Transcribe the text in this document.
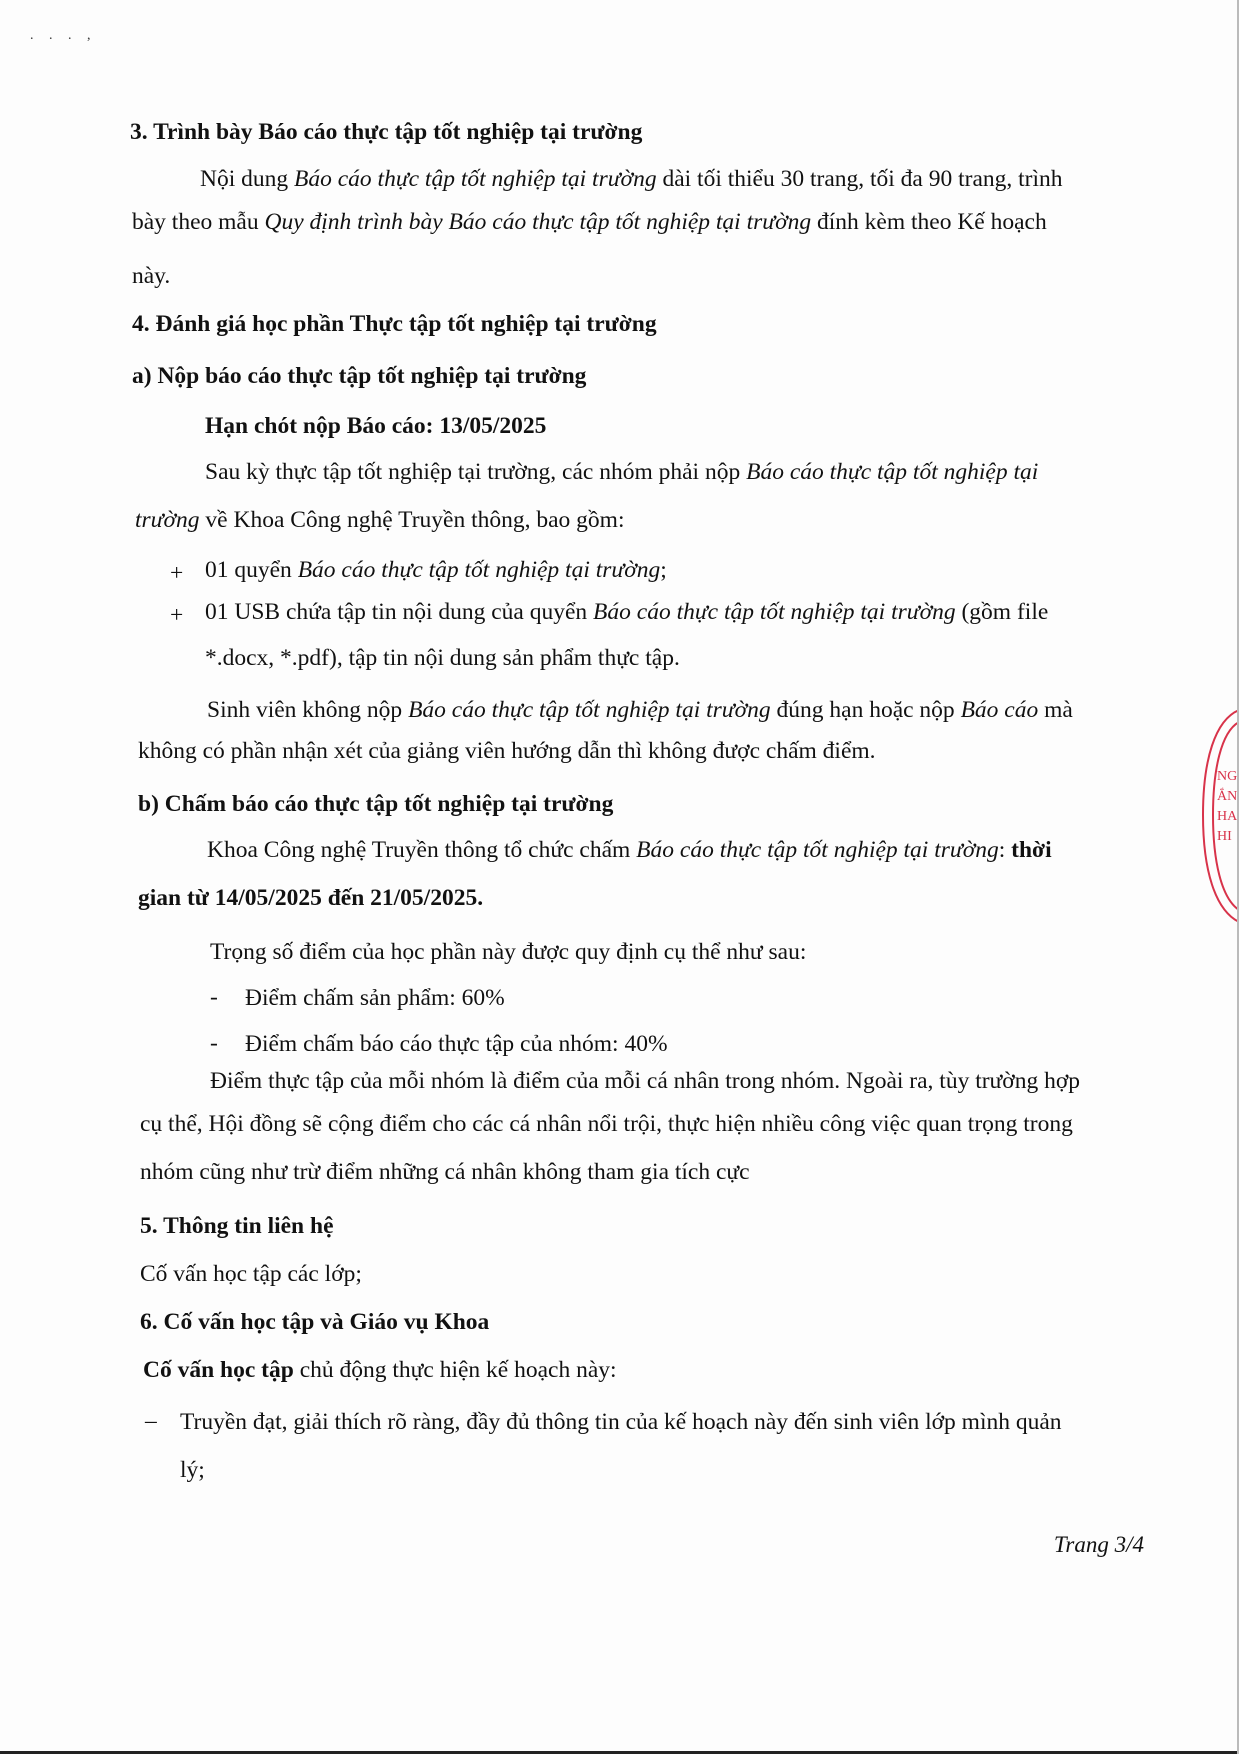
. . . ,
3. Trình bày Báo cáo thực tập tốt nghiệp tại trường
Nội dung Báo cáo thực tập tốt nghiệp tại trường dài tối thiểu 30 trang, tối đa 90 trang, trình
bày theo mẫu Quy định trình bày Báo cáo thực tập tốt nghiệp tại trường đính kèm theo Kế hoạch
này.
4. Đánh giá học phần Thực tập tốt nghiệp tại trường
a) Nộp báo cáo thực tập tốt nghiệp tại trường
Hạn chót nộp Báo cáo: 13/05/2025
Sau kỳ thực tập tốt nghiệp tại trường, các nhóm phải nộp Báo cáo thực tập tốt nghiệp tại
trường về Khoa Công nghệ Truyền thông, bao gồm:
+ 01 quyển Báo cáo thực tập tốt nghiệp tại trường;
+ 01 USB chứa tập tin nội dung của quyển Báo cáo thực tập tốt nghiệp tại trường (gồm file
*.docx, *.pdf), tập tin nội dung sản phẩm thực tập.
Sinh viên không nộp Báo cáo thực tập tốt nghiệp tại trường đúng hạn hoặc nộp Báo cáo mà
không có phần nhận xét của giảng viên hướng dẫn thì không được chấm điểm.
b) Chấm báo cáo thực tập tốt nghiệp tại trường
Khoa Công nghệ Truyền thông tổ chức chấm Báo cáo thực tập tốt nghiệp tại trường: thời
gian từ 14/05/2025 đến 21/05/2025.
Trọng số điểm của học phần này được quy định cụ thể như sau:
- Điểm chấm sản phẩm: 60%
- Điểm chấm báo cáo thực tập của nhóm: 40%
Điểm thực tập của mỗi nhóm là điểm của mỗi cá nhân trong nhóm. Ngoài ra, tùy trường hợp
cụ thể, Hội đồng sẽ cộng điểm cho các cá nhân nổi trội, thực hiện nhiều công việc quan trọng trong
nhóm cũng như trừ điểm những cá nhân không tham gia tích cực
5. Thông tin liên hệ
Cố vấn học tập các lớp;
6. Cố vấn học tập và Giáo vụ Khoa
Cố vấn học tập chủ động thực hiện kế hoạch này:
– Truyền đạt, giải thích rõ ràng, đầy đủ thông tin của kế hoạch này đến sinh viên lớp mình quản
lý;
Trang 3/4
NG
ẮN
HA
HI
